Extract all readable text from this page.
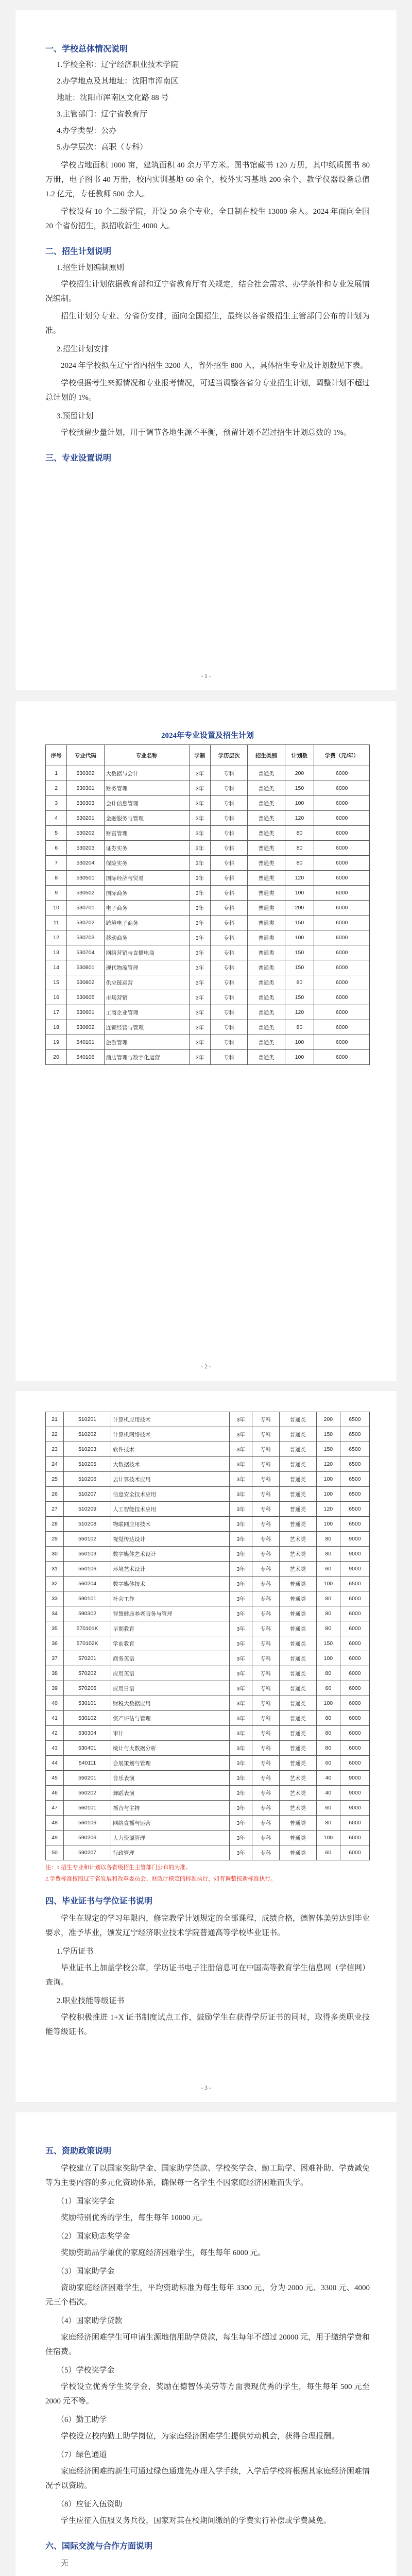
一、学校总体情况说明
1.学校全称：辽宁经济职业技术学院
2.办学地点及其地址：沈阳市浑南区
地址：沈阳市浑南区文化路 88 号
3.主管部门：辽宁省教育厅
4.办学类型：公办
5.办学层次：高职（专科）

学校占地面积 1000 亩，建筑面积 40 余万平方米。图书馆藏书 120 万册，其中纸质图书 80 万册，电子图书 40 万册，校内实训基地 60 余个，校外实习基地 200 余个，教学仪器设备总值 1.2 亿元，专任教师 500 余人。

学校设有 10 个二级学院，开设 50 余个专业，全日制在校生 13000 余人。2024 年面向全国 20 个省份招生，拟招收新生 4000 人。

二、招生计划说明
1.招生计划编制原则

学校招生计划依据教育部和辽宁省教育厅有关规定，结合社会需求、办学条件和专业发展情况编制。

招生计划分专业、分省份安排，面向全国招生，最终以各省级招生主管部门公布的计划为准。

2.招生计划安排

2024 年学校拟在辽宁省内招生 3200 人，省外招生 800 人，具体招生专业及计划数见下表。

学校根据考生来源情况和专业报考情况，可适当调整各省分专业招生计划，调整计划不超过总计划的 1%。

3.预留计划

学校预留少量计划，用于调节各地生源不平衡，预留计划不超过招生计划总数的 1%。

三、专业设置说明
- 1 -
2024年专业设置及招生计划
序号	专业代码	专业名称	学制	学历层次	招生类别	计划数	学费（元/年）
1	530302	大数据与会计	3年	专科	普通类	200	6000
2	530301	财务管理	3年	专科	普通类	150	6000
3	530303	会计信息管理	3年	专科	普通类	100	6000
4	530201	金融服务与管理	3年	专科	普通类	120	6000
5	530202	财富管理	3年	专科	普通类	80	6000
6	530203	证券实务	3年	专科	普通类	80	6000
7	530204	保险实务	3年	专科	普通类	80	6000
8	530501	国际经济与贸易	3年	专科	普通类	120	6000
9	530502	国际商务	3年	专科	普通类	100	6000
10	530701	电子商务	3年	专科	普通类	200	6000
11	530702	跨境电子商务	3年	专科	普通类	150	6000
12	530703	移动商务	3年	专科	普通类	100	6000
13	530704	网络营销与直播电商	3年	专科	普通类	150	6000
14	530801	现代物流管理	3年	专科	普通类	150	6000
15	530802	供应链运营	3年	专科	普通类	80	6000
16	530605	市场营销	3年	专科	普通类	150	6000
17	530601	工商企业管理	3年	专科	普通类	120	6000
18	530602	连锁经营与管理	3年	专科	普通类	80	6000
19	540101	旅游管理	3年	专科	普通类	100	6000
20	540106	酒店管理与数字化运营	3年	专科	普通类	100	6000
- 2 -
21	510201	计算机应用技术	3年	专科	普通类	200	6500
22	510202	计算机网络技术	3年	专科	普通类	150	6500
23	510203	软件技术	3年	专科	普通类	150	6500
24	510205	大数据技术	3年	专科	普通类	120	6500
25	510206	云计算技术应用	3年	专科	普通类	100	6500
26	510207	信息安全技术应用	3年	专科	普通类	100	6500
27	510209	人工智能技术应用	3年	专科	普通类	120	6500
28	510208	物联网应用技术	3年	专科	普通类	100	6500
29	550102	视觉传达设计	3年	专科	艺术类	80	9000
30	550103	数字媒体艺术设计	3年	专科	艺术类	80	9000
31	550106	环境艺术设计	3年	专科	艺术类	60	9000
32	560204	数字媒体技术	3年	专科	普通类	100	6500
33	590101	社会工作	3年	专科	普通类	80	6000
34	590302	智慧健康养老服务与管理	3年	专科	普通类	80	6000
35	570101K	早期教育	3年	专科	普通类	80	6000
36	570102K	学前教育	3年	专科	普通类	150	6000
37	570201	商务英语	3年	专科	普通类	100	6000
38	570202	应用英语	3年	专科	普通类	80	6000
39	570206	应用日语	3年	专科	普通类	60	6000
40	530101	财税大数据应用	3年	专科	普通类	100	6000
41	530102	资产评估与管理	3年	专科	普通类	80	6000
42	530304	审计	3年	专科	普通类	80	6000
43	530401	统计与大数据分析	3年	专科	普通类	80	6000
44	540111	会展策划与管理	3年	专科	普通类	60	6000
45	550201	音乐表演	3年	专科	艺术类	40	9000
46	550202	舞蹈表演	3年	专科	艺术类	40	9000
47	560101	播音与主持	3年	专科	艺术类	60	9000
48	560106	网络直播与运营	3年	专科	普通类	80	6000
49	590206	人力资源管理	3年	专科	普通类	100	6000
50	590207	行政管理	3年	专科	普通类	60	6000
注：1.招生专业和计划以各省级招生主管部门公布的为准。
2.学费标准按照辽宁省发展和改革委员会、财政厅核定的标准执行，如有调整按新标准执行。
四、毕业证书与学位证书说明

学生在规定的学习年限内，修完教学计划规定的全部课程，成绩合格，德智体美劳达到毕业要求，准予毕业，颁发辽宁经济职业技术学院普通高等学校毕业证书。

1.学历证书

毕业证书上加盖学校公章，学历证书电子注册信息可在中国高等教育学生信息网（学信网）查询。

2.职业技能等级证书

学校积极推进 1+X 证书制度试点工作，鼓励学生在获得学历证书的同时，取得多类职业技能等级证书。

- 3 -
五、资助政策说明

学校建立了以国家奖助学金、国家助学贷款、学校奖学金、勤工助学、困难补助、学费减免等为主要内容的多元化资助体系，确保每一名学生不因家庭经济困难而失学。

（1）国家奖学金

奖励特别优秀的学生，每生每年 10000 元。

（2）国家励志奖学金

奖励资助品学兼优的家庭经济困难学生，每生每年 6000 元。

（3）国家助学金

资助家庭经济困难学生，平均资助标准为每生每年 3300 元，分为 2000 元、3300 元、4000 元三个档次。

（4）国家助学贷款

家庭经济困难学生可申请生源地信用助学贷款，每生每年不超过 20000 元，用于缴纳学费和住宿费。

（5）学校奖学金

学校设立优秀学生奖学金，奖励在德智体美劳等方面表现优秀的学生，每生每年 500 元至 2000 元不等。

（6）勤工助学

学校设立校内勤工助学岗位，为家庭经济困难学生提供劳动机会，获得合理报酬。

（7）绿色通道

家庭经济困难的新生可通过绿色通道先办理入学手续，入学后学校将根据其家庭经济困难情况予以资助。

（8）应征入伍资助

学生应征入伍服义务兵役，国家对其在校期间缴纳的学费实行补偿或学费减免。

六、国际交流与合作方面说明

无
